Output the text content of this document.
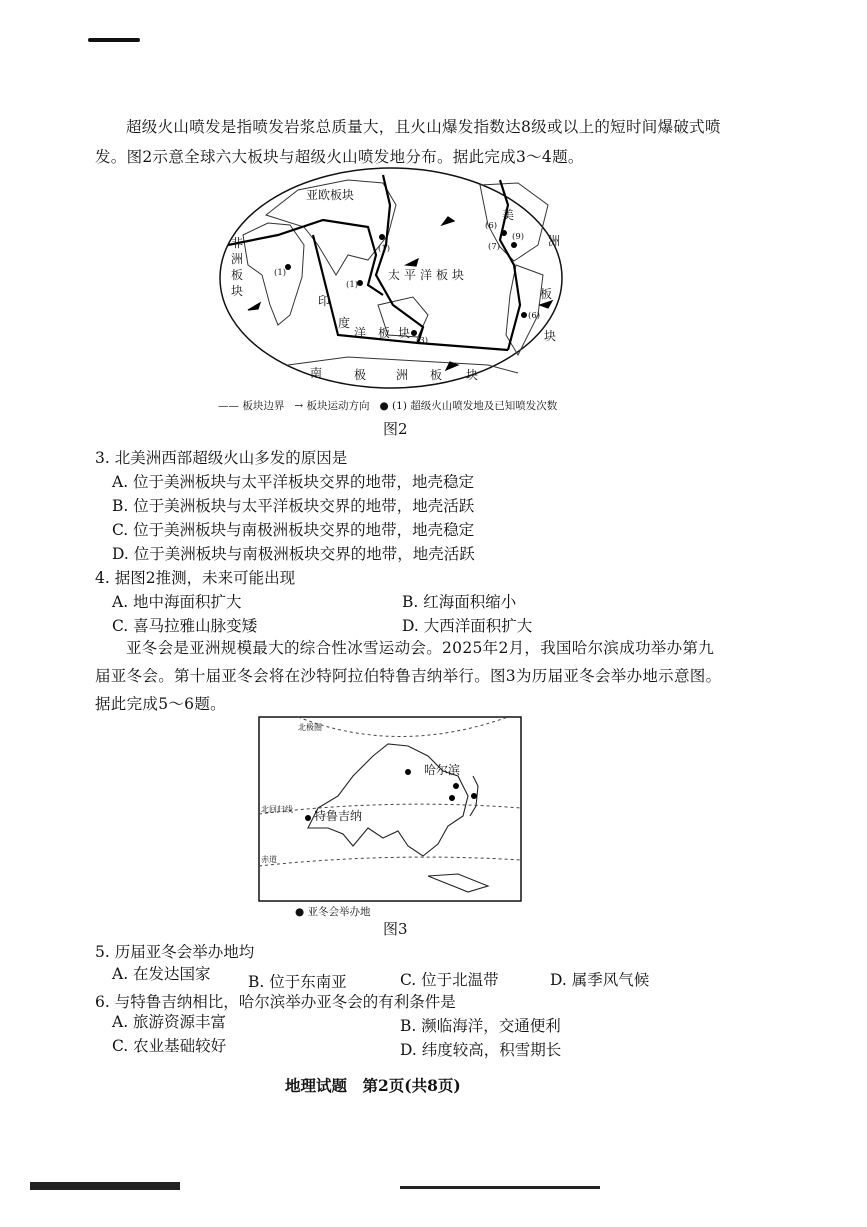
超级火山喷发是指喷发岩浆总质量大，且火山爆发指数达8级或以上的短时间爆破式喷发。图2示意全球六大板块与超级火山喷发地分布。据此完成3～4题。
亚欧板块
太平洋板块
非
洲
板
块
美
洲
板
块
印
度
洋 板 块
南	极 洲 板 块
(1)
(1)
(6)
(9)
(7)
(6)
(3)
(1)
—— 板块边界 → 板块运动方向 ● (1) 超级火山喷发地及已知喷发次数
图2
3. 北美洲西部超级火山多发的原因是
A. 位于美洲板块与太平洋板块交界的地带，地壳稳定
B. 位于美洲板块与太平洋板块交界的地带，地壳活跃
C. 位于美洲板块与南极洲板块交界的地带，地壳稳定
D. 位于美洲板块与南极洲板块交界的地带，地壳活跃
4. 据图2推测，未来可能出现
A. 地中海面积扩大	B. 红海面积缩小
C. 喜马拉雅山脉变矮	D. 大西洋面积扩大
亚冬会是亚洲规模最大的综合性冰雪运动会。2025年2月，我国哈尔滨成功举办第九届亚冬会。第十届亚冬会将在沙特阿拉伯特鲁吉纳举行。图3为历届亚冬会举办地示意图。据此完成5～6题。
北极圈
北回归线
赤道
哈尔滨
特鲁吉纳
● 亚冬会举办地
图3
5. 历届亚冬会举办地均
A. 在发达国家 B. 位于东南亚	C. 位于北温带	D. 属季风气候
6. 与特鲁吉纳相比，哈尔滨举办亚冬会的有利条件是
A. 旅游资源丰富	B. 濒临海洋，交通便利
C. 农业基础较好	D. 纬度较高，积雪期长
地理试题　第2页(共8页)
